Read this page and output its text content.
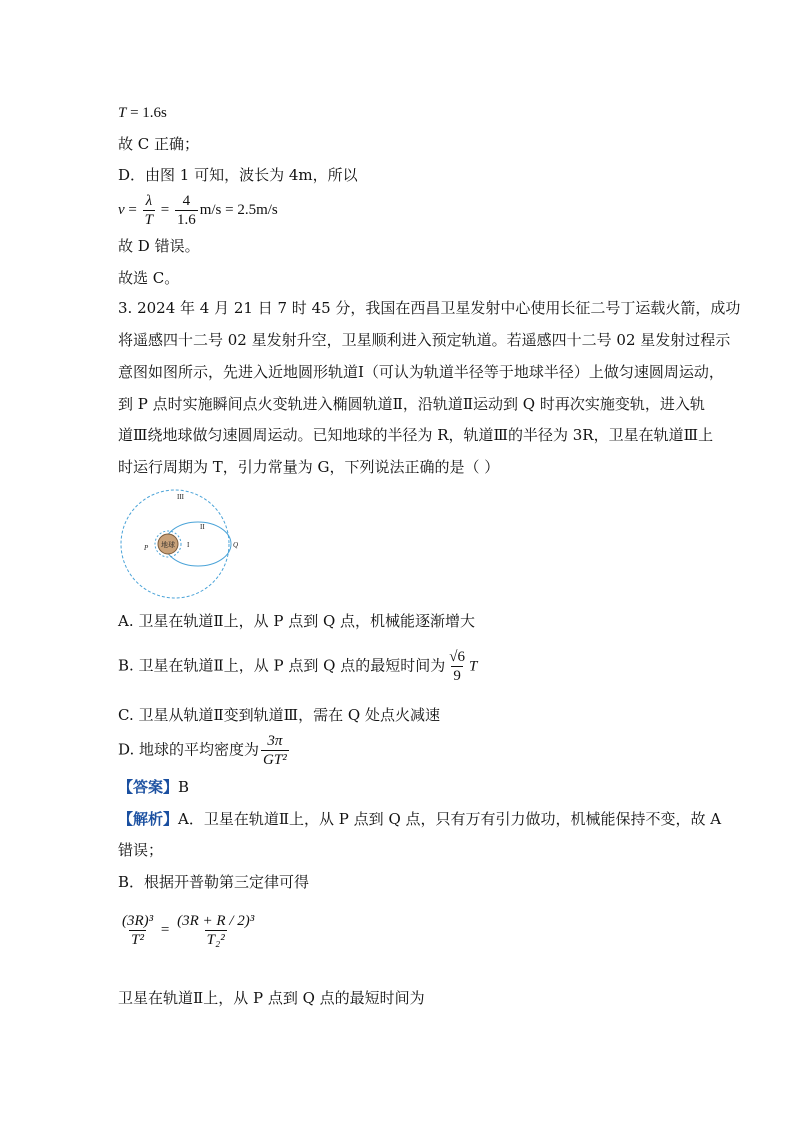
T = 1.6s
故 C 正确；
D．由图 1 可知，波长为 4m，所以
$v = \frac{\lambda}{T} = \frac{4}{1.6} m/s = 2.5m/s$
故 D 错误。
故选 C。
3. 2024 年 4 月 21 日 7 时 45 分，我国在西昌卫星发射中心使用长征二号丁运载火箭，成功
将遥感四十二号 02 星发射升空，卫星顺利进入预定轨道。若遥感四十二号 02 星发射过程示
意图如图所示，先进入近地圆形轨道Ⅰ（可认为轨道半径等于地球半径）上做匀速圆周运动，
到 P 点时实施瞬间点火变轨进入椭圆轨道Ⅱ，沿轨道Ⅱ运动到 Q 时再次实施变轨，进入轨
道Ⅲ绕地球做匀速圆周运动。已知地球的半径为 R，轨道Ⅲ的半径为 3R，卫星在轨道Ⅲ上
时运行周期为 T，引力常量为 G，下列说法正确的是（ ）
地球
III
II
I
P	Q
A. 卫星在轨道Ⅱ上，从 P 点到 Q 点，机械能逐渐增大
B. 卫星在轨道Ⅱ上，从 P 点到 Q 点的最短时间为 $\frac{√6}{9}$ T
C. 卫星从轨道Ⅱ变到轨道Ⅲ，需在 Q 处点火减速
D. 地球的平均密度为 $\frac{3\pi}{\text{GT²}}$
【答案】B
【解析】A．卫星在轨道Ⅱ上，从 P 点到 Q 点，只有万有引力做功，机械能保持不变，故 A
错误；
B．根据开普勒第三定律可得
$\frac{\text{(3R)³}}{\text{T²}} = \frac{\text{(3R + R / 2)³}}{\text{T₂²}}$
卫星在轨道Ⅱ上，从 P 点到 Q 点的最短时间为
